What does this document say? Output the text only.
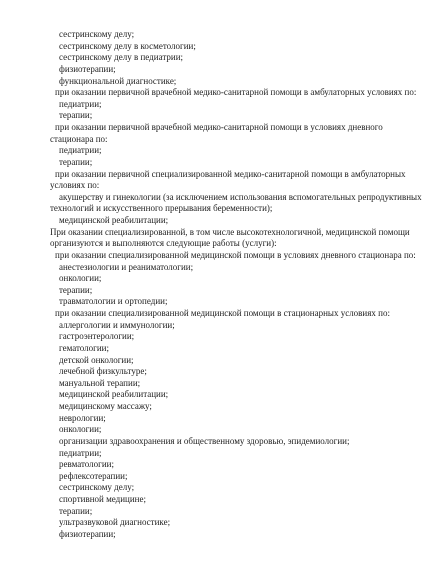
сестринскому делу;
сестринскому делу в косметологии;
сестринскому делу в педиатрии;
физиотерапии;
функциональной диагностике;
при оказании первичной врачебной медико-санитарной помощи в амбулаторных условиях по:
педиатрии;
терапии;
при оказании первичной врачебной медико-санитарной помощи в условиях дневного
стационара по:
педиатрии;
терапии;
при оказании первичной специализированной медико-санитарной помощи в амбулаторных
условиях по:
акушерству и гинекологии (за исключением использования вспомогательных репродуктивных
технологий и искусственного прерывания беременности);
медицинской реабилитации;
При оказании специализированной, в том числе высокотехнологичной, медицинской помощи
организуются и выполняются следующие работы (услуги):
при оказании специализированной медицинской помощи в условиях дневного стационара по:
анестезиологии и реаниматологии;
онкологии;
терапии;
травматологии и ортопедии;
при оказании специализированной медицинской помощи в стационарных условиях по:
аллергологии и иммунологии;
гастроэнтерологии;
гематологии;
детской онкологии;
лечебной физкультуре;
мануальной терапии;
медицинской реабилитации;
медицинскому массажу;
неврологии;
онкологии;
организации здравоохранения и общественному здоровью, эпидемиологии;
педиатрии;
ревматологии;
рефлексотерапии;
сестринскому делу;
спортивной медицине;
терапии;
ультразвуковой диагностике;
физиотерапии;
